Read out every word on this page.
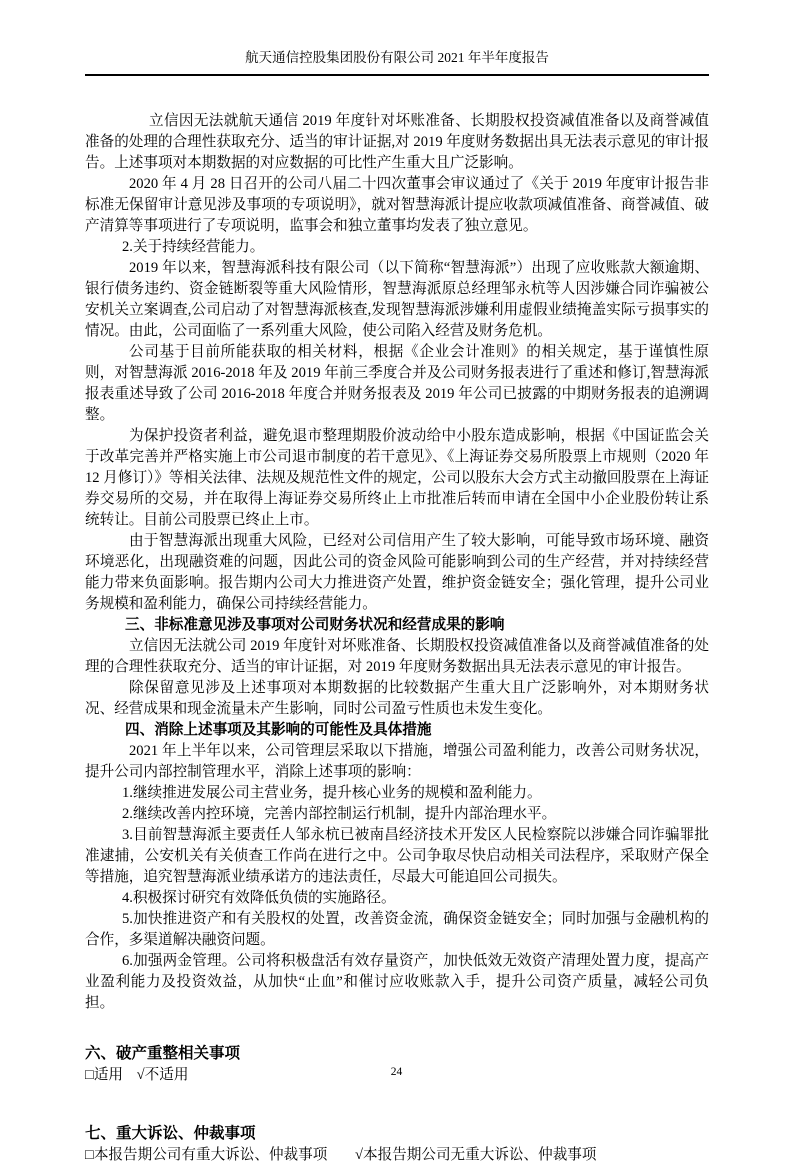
航天通信控股集团股份有限公司 2021 年半年度报告

立信因无法就航天通信 2019 年度针对坏账准备、长期股权投资减值准备以及商誉减值准备的处理的合理性获取充分、适当的审计证据,对 2019 年度财务数据出具无法表示意见的审计报告。上述事项对本期数据的对应数据的可比性产生重大且广泛影响。

2020 年 4 月 28 日召开的公司八届二十四次董事会审议通过了《关于 2019 年度审计报告非标准无保留审计意见涉及事项的专项说明》，就对智慧海派计提应收款项减值准备、商誉减值、破产清算等事项进行了专项说明，监事会和独立董事均发表了独立意见。

2.关于持续经营能力。

2019 年以来，智慧海派科技有限公司（以下简称“智慧海派”）出现了应收账款大额逾期、银行债务违约、资金链断裂等重大风险情形，智慧海派原总经理邹永杭等人因涉嫌合同诈骗被公安机关立案调查,公司启动了对智慧海派核查,发现智慧海派涉嫌利用虚假业绩掩盖实际亏损事实的情况。由此，公司面临了一系列重大风险，使公司陷入经营及财务危机。

公司基于目前所能获取的相关材料，根据《企业会计准则》的相关规定，基于谨慎性原则，对智慧海派 2016-2018 年及 2019 年前三季度合并及公司财务报表进行了重述和修订,智慧海派报表重述导致了公司 2016-2018 年度合并财务报表及 2019 年公司已披露的中期财务报表的追溯调整。

为保护投资者利益，避免退市整理期股价波动给中小股东造成影响，根据《中国证监会关于改革完善并严格实施上市公司退市制度的若干意见》、《上海证券交易所股票上市规则（2020 年 12 月修订）》等相关法律、法规及规范性文件的规定，公司以股东大会方式主动撤回股票在上海证券交易所的交易，并在取得上海证券交易所终止上市批准后转而申请在全国中小企业股份转让系统转让。目前公司股票已终止上市。

由于智慧海派出现重大风险，已经对公司信用产生了较大影响，可能导致市场环境、融资环境恶化，出现融资难的问题，因此公司的资金风险可能影响到公司的生产经营，并对持续经营能力带来负面影响。报告期内公司大力推进资产处置，维护资金链安全；强化管理，提升公司业务规模和盈利能力，确保公司持续经营能力。

三、非标准意见涉及事项对公司财务状况和经营成果的影响

立信因无法就公司 2019 年度针对坏账准备、长期股权投资减值准备以及商誉减值准备的处理的合理性获取充分、适当的审计证据，对 2019 年度财务数据出具无法表示意见的审计报告。

除保留意见涉及上述事项对本期数据的比较数据产生重大且广泛影响外，对本期财务状况、经营成果和现金流量未产生影响，同时公司盈亏性质也未发生变化。

四、消除上述事项及其影响的可能性及具体措施

2021 年上半年以来，公司管理层采取以下措施，增强公司盈利能力，改善公司财务状况，提升公司内部控制管理水平，消除上述事项的影响：

1.继续推进发展公司主营业务，提升核心业务的规模和盈利能力。

2.继续改善内控环境，完善内部控制运行机制，提升内部治理水平。

3.目前智慧海派主要责任人邹永杭已被南昌经济技术开发区人民检察院以涉嫌合同诈骗罪批准逮捕，公安机关有关侦查工作尚在进行之中。公司争取尽快启动相关司法程序，采取财产保全等措施，追究智慧海派业绩承诺方的违法责任，尽最大可能追回公司损失。

4.积极探讨研究有效降低负债的实施路径。

5.加快推进资产和有关股权的处置，改善资金流，确保资金链安全；同时加强与金融机构的合作，多渠道解决融资问题。

6.加强两金管理。公司将积极盘活有效存量资产，加快低效无效资产清理处置力度，提高产业盈利能力及投资效益，从加快“止血”和催讨应收账款入手，提升公司资产质量，减轻公司负担。

六、破产重整相关事项

□适用 √不适用

七、重大诉讼、仲裁事项

□本报告期公司有重大诉讼、仲裁事项 √本报告期公司无重大诉讼、仲裁事项

24
